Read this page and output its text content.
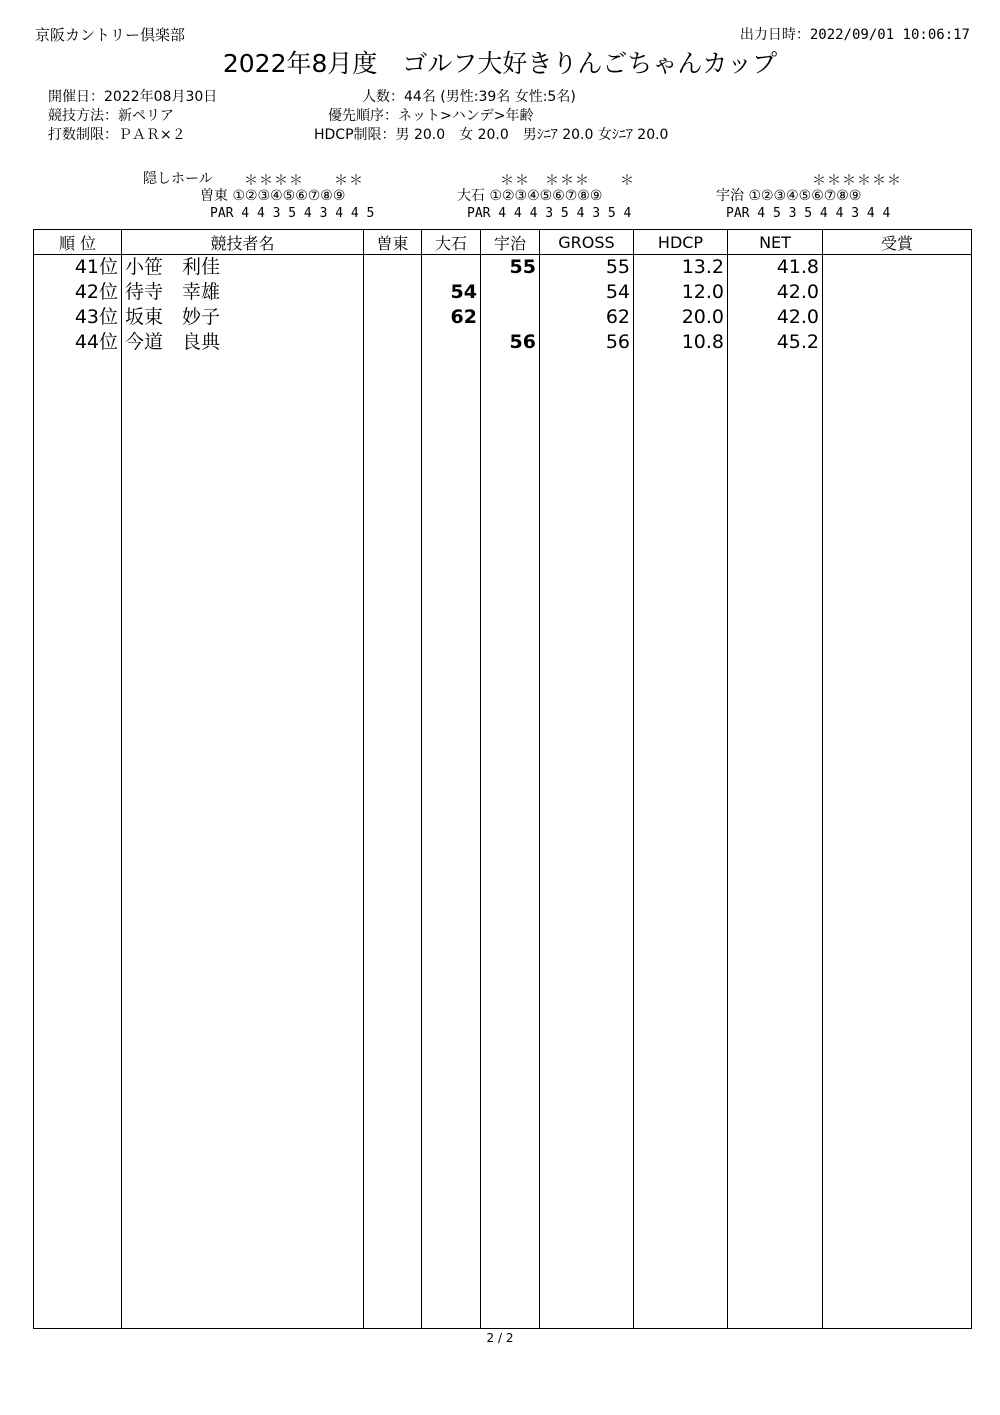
京阪カントリー倶楽部	出力日時：2022/09/01 10:06:17
2022年8月度　ゴルフ大好きりんごちゃんカップ
開催日：2022年08月30日
競技方法：新ペリア
打数制限：ＰＡＲ×２
人数：44名 (男性:39名 女性:5名)
優先順序：ネット>ハンデ>年齢
HDCP制限：男 20.0　女 20.0　男ｼﾆｱ 20.0 女ｼﾆｱ 20.0
隠しホール ＊＊＊＊　　＊＊	＊＊　＊＊＊　　＊	＊＊＊＊＊＊
曽東 ①②③④⑤⑥⑦⑧⑨
PAR 4 4 3 5 4 3 4 4 5
大石 ①②③④⑤⑥⑦⑧⑨
PAR 4 4 4 3 5 4 3 5 4
宇治 ①②③④⑤⑥⑦⑧⑨
PAR 4 5 3 5 4 4 3 4 4
順 位	競技者名	曽東	大石	宇治	GROSS	HDCP	NET	受賞
41位	小笹　利佳			55	55	13.2	41.8	
42位	待寺　幸雄		54		54	12.0	42.0	
43位	坂東　妙子		62		62	20.0	42.0	
44位	今道　良典			56	56	10.8	45.2	

2 / 2
